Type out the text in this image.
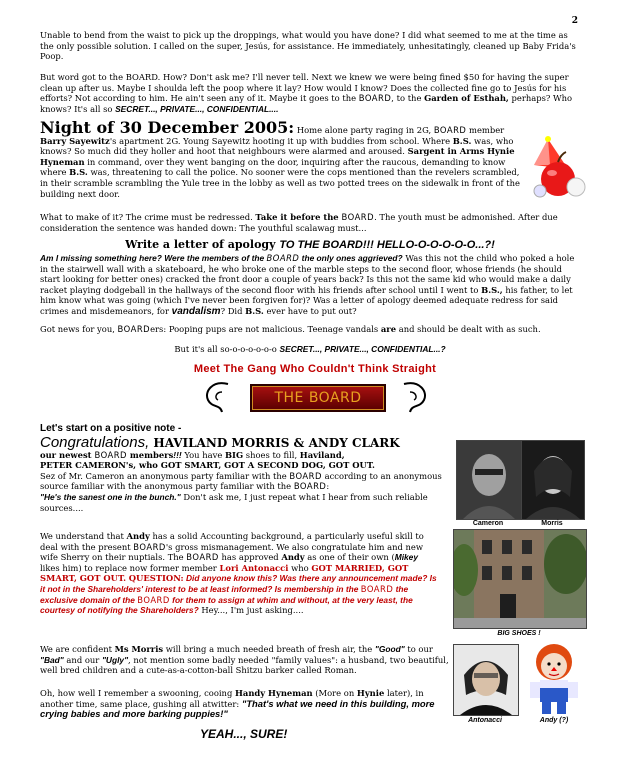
2
Unable to bend from the waist to pick up the droppings, what would you have done? I did what seemed to me at the time as the only possible solution. I called on the super, Jesús, for assistance. He immediately, unhesitatingly, cleaned up Baby Frida's Poop.
But word got to the BOARD. How? Don't ask me? I'll never tell. Next we knew we were being fined $50 for having the super clean up after us. Maybe I shoulda left the poop where it lay? How would I know? Does the collected fine go to Jesús for his efforts? Not according to him. He ain't seen any of it. Maybe it goes to the BOARD, to the Garden of Esthah, perhaps? Who knows? It's all so SECRET..., PRIVATE..., CONFIDENTIAL....
Night of 30 December 2005: Home alone party raging in 2G, BOARD member Barry Sayewitz's apartment 2G. Young Sayewitz hooting it up with buddies from school. Where B.S. was, who knows? So much did they holler and hoot that neighbours were alarmed and aroused. Sargent in Arms Hynie Hyneman in command, over they went banging on the door, inquiring after the raucous, demanding to know where B.S. was, threatening to call the police. No sooner were the cops mentioned than the revelers scrambled, in their scramble scrambling the Yule tree in the lobby as well as two potted trees on the sidewalk in front of the building next door.
What to make of it? The crime must be redressed. Take it before the BOARD. The youth must be admonished. After due consideration the sentence was handed down: The youthful scalawag must...
Write a letter of apology TO THE BOARD!!! HELLO-O-O-O-O-O...?!
Am I missing something here? Were the members of the BOARD the only ones aggrieved? Was this not the child who poked a hole in the stairwell wall with a skateboard, he who broke one of the marble steps to the second floor, whose friends (he should start looking for better ones) cracked the front door a couple of years back? Is this not the same kid who would make a daily racket playing dodgeball in the hallways of the second floor with his friends after school until I went to B.S., his father, to let him know what was going (which I've never been forgiven for)? Was a letter of apology deemed adequate redress for said crimes and misdemeanors, for vandalism? Did B.S. ever have to put out?
Got news for you, BOARDers: Pooping pups are not malicious. Teenage vandals are and should be dealt with as such.
But it's all so-o-o-o-o-o-o SECRET..., PRIVATE..., CONFIDENTIAL...?
Meet The Gang Who Couldn't Think Straight
THE BOARD
Let's start on a positive note -
Congratulations, HAVILAND MORRIS & ANDY CLARK
our newest BOARD members!!! You have BIG shoes to fill, Haviland,
PETER CAMERON's, who GOT SMART, GOT A SECOND DOG, GOT OUT.
Sez of Mr. Cameron an anonymous party familiar with the BOARD according to an anonymous source familiar with the anonymous party familiar with the BOARD:
"He's the sanest one in the bunch." Don't ask me, I just repeat what I hear from such reliable sources....
Cameron	Morris
We understand that Andy has a solid Accounting background, a particularly useful skill to deal with the present BOARD's gross mismanagement. We also congratulate him and new wife Sherry on their nuptials. The BOARD has approved Andy as one of their own (Mikey likes him) to replace now former member Lori Antonacci who GOT MARRIED, GOT SMART, GOT OUT. QUESTION: Did anyone know this? Was there any announcement made? Is it not in the Shareholders' interest to be at least informed? Is membership in the BOARD the exclusive domain of the BOARD for them to assign at whim and without, at the very least, the courtesy of notifying the Shareholders? Hey..., I'm just asking....
BIG SHOES !
We are confident Ms Morris will bring a much needed breath of fresh air, the "Good" to our "Bad" and our "Ugly", not mention some badly needed "family values": a husband, two beautiful, well bred children and a cute-as-a-cotton-ball Shitzu barker called Roman.
Oh, how well I remember a swooning, cooing Handy Hyneman (More on Hynie later), in another time, same place, gushing all atwitter: "That's what we need in this building, more crying babies and more barking puppies!"
YEAH..., SURE!
Antonacci	Andy (?)
